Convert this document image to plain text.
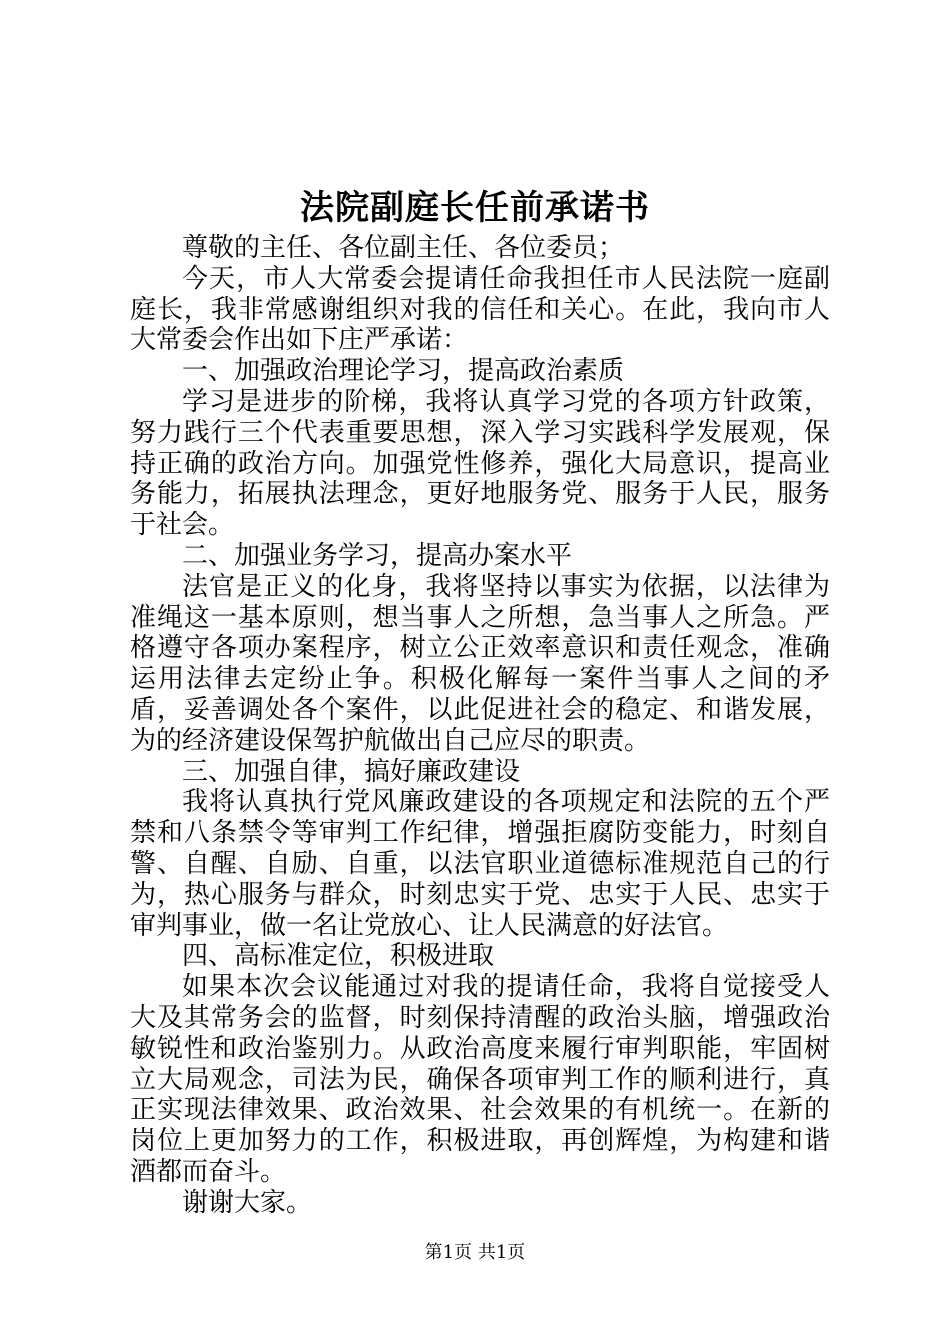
法院副庭长任前承诺书

尊敬的主任、各位副主任、各位委员；

今天，市人大常委会提请任命我担任市人民法院一庭副庭长，我非常感谢组织对我的信任和关心。在此，我向市人大常委会作出如下庄严承诺：

一、加强政治理论学习，提高政治素质

学习是进步的阶梯，我将认真学习党的各项方针政策，努力践行三个代表重要思想，深入学习实践科学发展观，保持正确的政治方向。加强党性修养，强化大局意识，提高业务能力，拓展执法理念，更好地服务党、服务于人民，服务于社会。

二、加强业务学习，提高办案水平

法官是正义的化身，我将坚持以事实为依据，以法律为准绳这一基本原则，想当事人之所想，急当事人之所急。严格遵守各项办案程序，树立公正效率意识和责任观念，准确运用法律去定纷止争。积极化解每一案件当事人之间的矛盾，妥善调处各个案件，以此促进社会的稳定、和谐发展，为的经济建设保驾护航做出自己应尽的职责。

三、加强自律，搞好廉政建设

我将认真执行党风廉政建设的各项规定和法院的五个严禁和八条禁令等审判工作纪律，增强拒腐防变能力，时刻自警、自醒、自励、自重，以法官职业道德标准规范自己的行为，热心服务与群众，时刻忠实于党、忠实于人民、忠实于审判事业，做一名让党放心、让人民满意的好法官。

四、高标准定位，积极进取

如果本次会议能通过对我的提请任命，我将自觉接受人大及其常务会的监督，时刻保持清醒的政治头脑，增强政治敏锐性和政治鉴别力。从政治高度来履行审判职能，牢固树立大局观念，司法为民，确保各项审判工作的顺利进行，真正实现法律效果、政治效果、社会效果的有机统一。在新的岗位上更加努力的工作，积极进取，再创辉煌，为构建和谐酒都而奋斗。

谢谢大家。

第1页 共1页
